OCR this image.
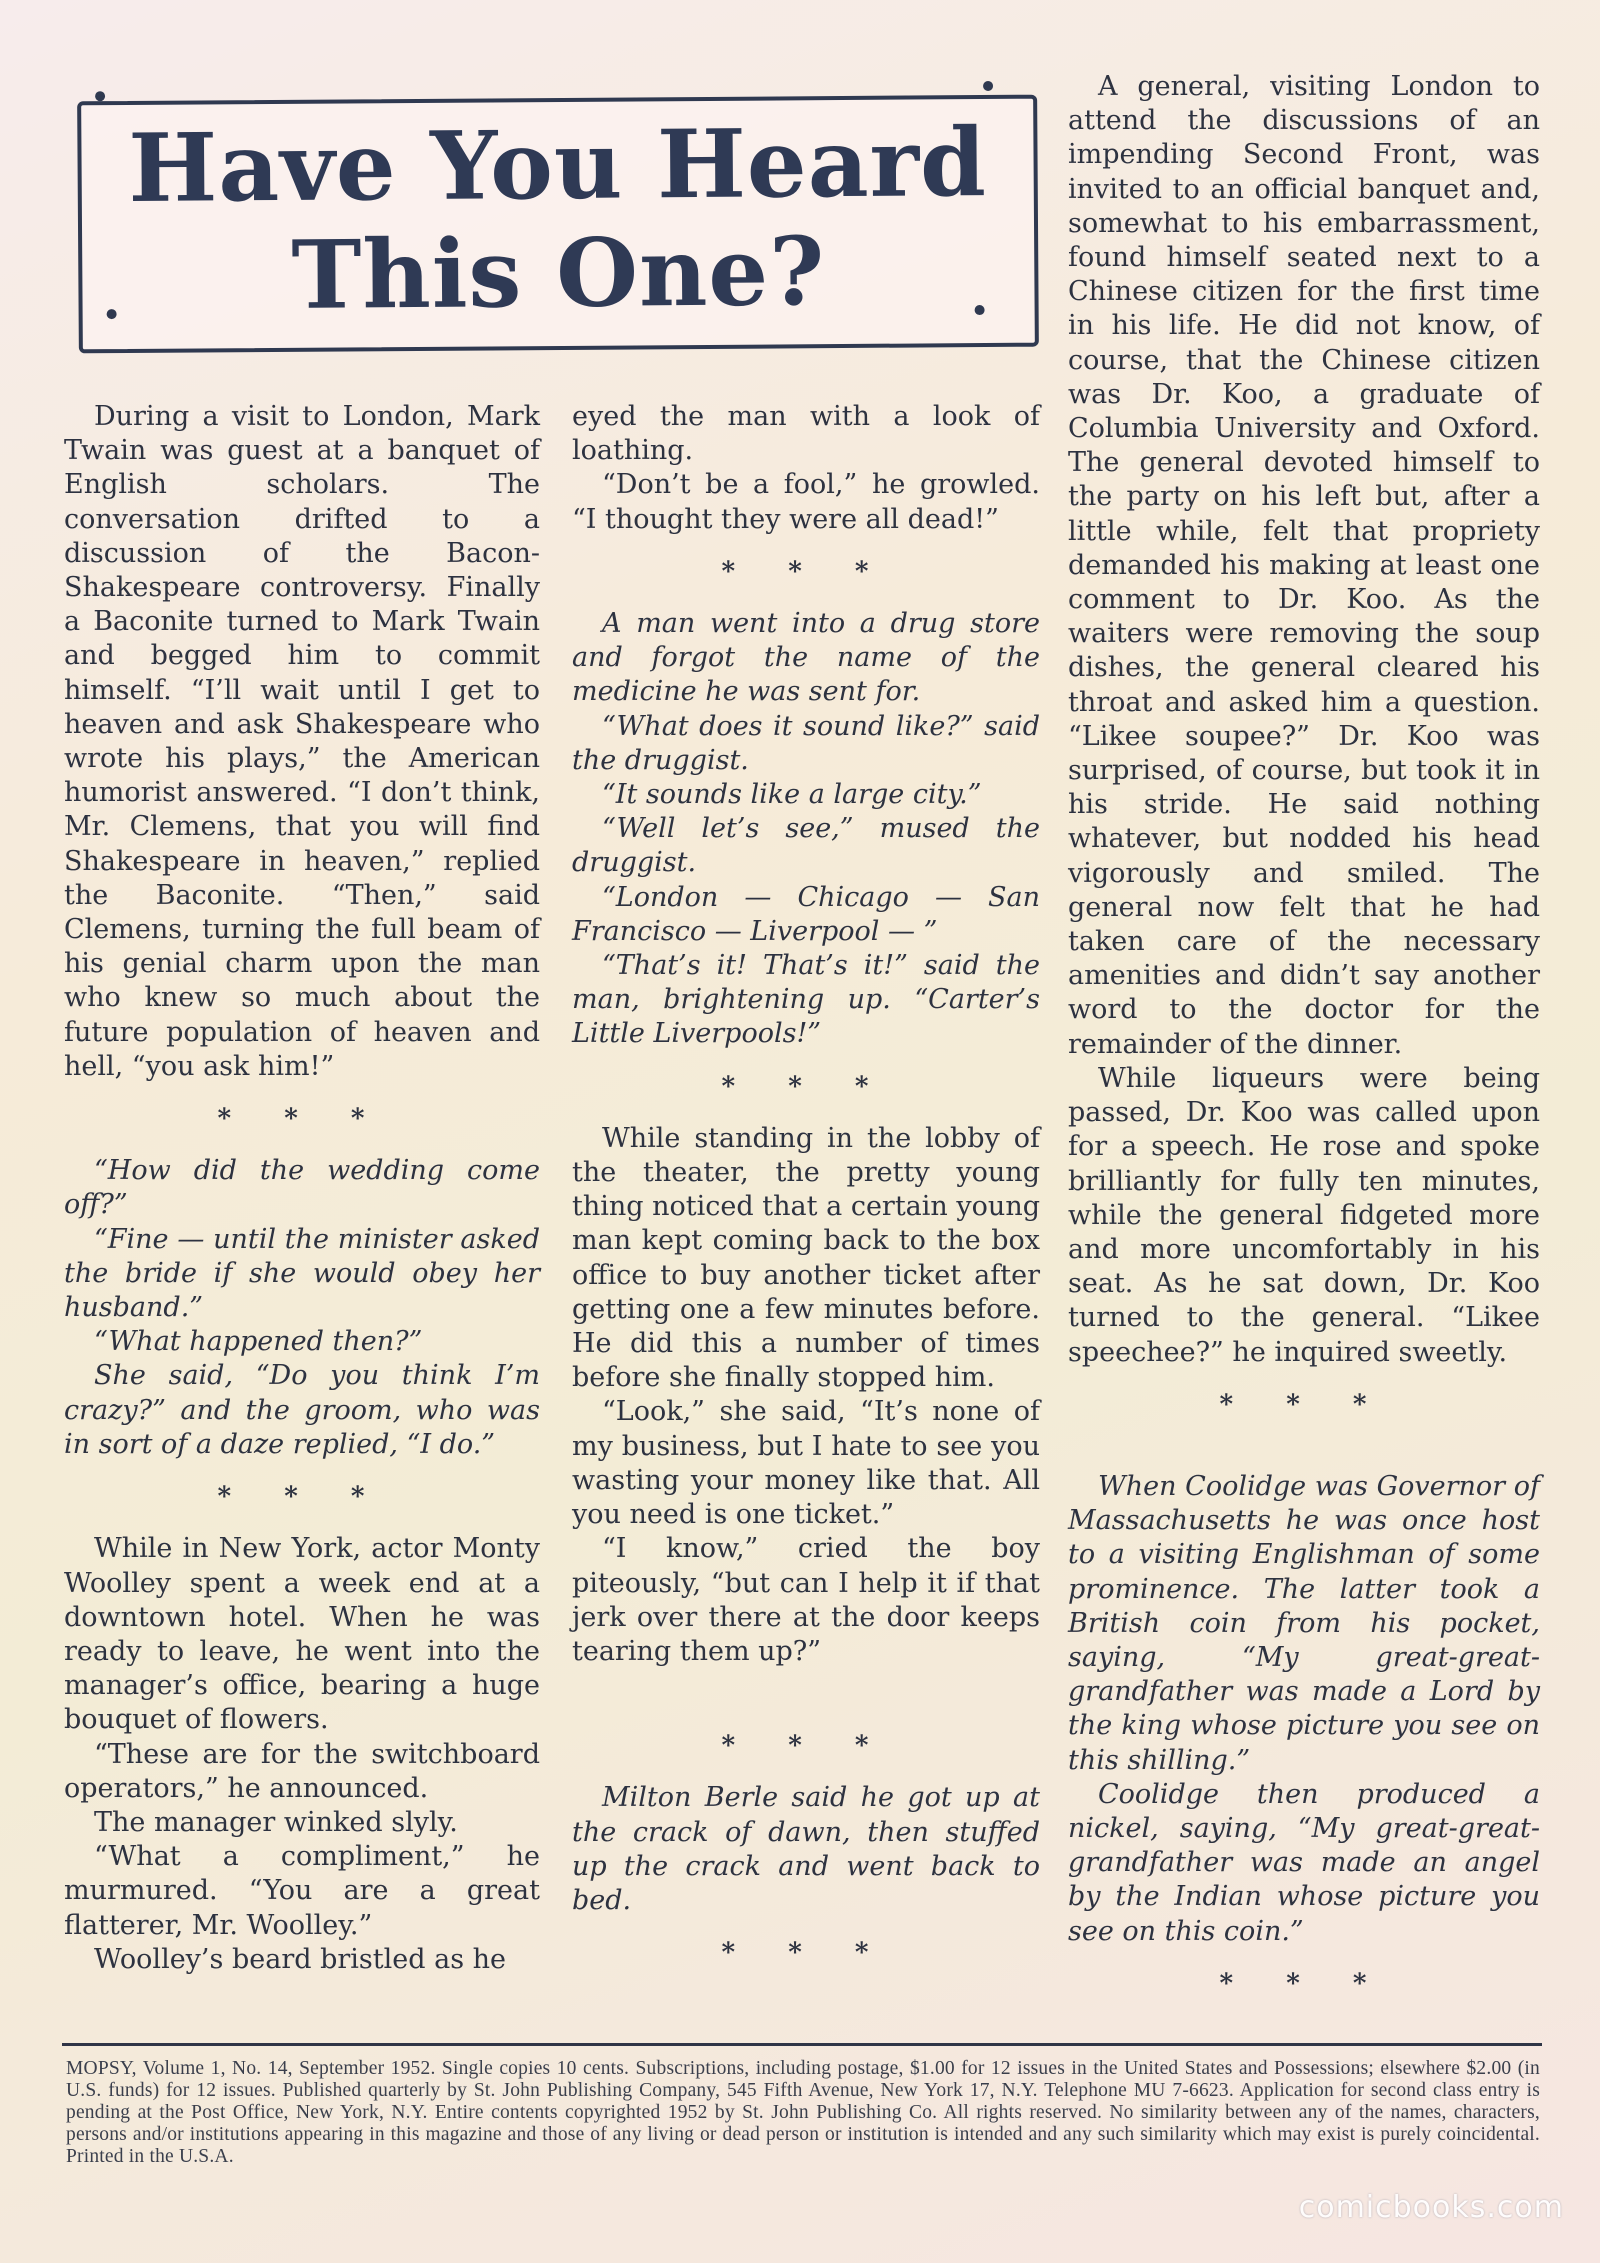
Have You Heard
This One?

During a visit to London, Mark Twain was guest at a banquet of English scholars. The conversation drifted to a discussion of the Bacon-Shakespeare controversy. Finally a Baconite turned to Mark Twain and begged him to commit himself. “I’ll wait until I get to heaven and ask Shakespeare who wrote his plays,” the American humorist answered. “I don’t think, Mr. Clemens, that you will find Shakespeare in heaven,” replied the Baconite. “Then,” said Clemens, turning the full beam of his genial charm upon the man who knew so much about the future population of heaven and hell, “you ask him!”

* * *

“How did the wedding come off?”

“Fine — until the minister asked the bride if she would obey her husband.”

“What happened then?”

She said, “Do you think I’m crazy?” and the groom, who was in sort of a daze replied, “I do.”

* * *

While in New York, actor Monty Woolley spent a week end at a downtown hotel. When he was ready to leave, he went into the manager’s office, bearing a huge bouquet of flowers.

“These are for the switchboard operators,” he announced.

The manager winked slyly.

“What a compliment,” he murmured. “You are a great flatterer, Mr. Woolley.”

Woolley’s beard bristled as he

eyed the man with a look of loathing.

“Don’t be a fool,” he growled. “I thought they were all dead!”

* * *

A man went into a drug store and forgot the name of the medicine he was sent for.

“What does it sound like?” said the druggist.

“It sounds like a large city.”

“Well let’s see,” mused the druggist.

“London — Chicago — San Francisco — Liverpool — ”

“That’s it! That’s it!” said the man, brightening up. “Carter’s Little Liverpools!”

* * *

While standing in the lobby of the theater, the pretty young thing noticed that a certain young man kept coming back to the box office to buy another ticket after getting one a few minutes before. He did this a number of times before she finally stopped him.

“Look,” she said, “It’s none of my business, but I hate to see you wasting your money like that. All you need is one ticket.”

“I know,” cried the boy piteously, “but can I help it if that jerk over there at the door keeps tearing them up?”

* * *

Milton Berle said he got up at the crack of dawn, then stuffed up the crack and went back to bed.

* * *

A general, visiting London to attend the discussions of an impending Second Front, was invited to an official banquet and, somewhat to his embarrassment, found himself seated next to a Chinese citizen for the first time in his life. He did not know, of course, that the Chinese citizen was Dr. Koo, a graduate of Columbia University and Oxford. The general devoted himself to the party on his left but, after a little while, felt that propriety demanded his making at least one comment to Dr. Koo. As the waiters were removing the soup dishes, the general cleared his throat and asked him a question. “Likee soupee?” Dr. Koo was surprised, of course, but took it in his stride. He said nothing whatever, but nodded his head vigorously and smiled. The general now felt that he had taken care of the necessary amenities and didn’t say another word to the doctor for the remainder of the dinner.

While liqueurs were being passed, Dr. Koo was called upon for a speech. He rose and spoke brilliantly for fully ten minutes, while the general fidgeted more and more uncomfortably in his seat. As he sat down, Dr. Koo turned to the general. “Likee speechee?” he inquired sweetly.

* * *

When Coolidge was Governor of Massachusetts he was once host to a visiting Englishman of some prominence. The latter took a British coin from his pocket, saying, “My great-great-grandfather was made a Lord by the king whose picture you see on this shilling.”

Coolidge then produced a nickel, saying, “My great-great-grandfather was made an angel by the Indian whose picture you see on this coin.”

* * *
MOPSY, Volume 1, No. 14, September 1952. Single copies 10 cents. Subscriptions, including postage, $1.00 for 12 issues in the United States and Possessions; elsewhere $2.00 (in U.S. funds) for 12 issues. Published quarterly by St. John Publishing Company, 545 Fifth Avenue, New York 17, N.Y. Telephone MU 7-6623. Application for second class entry is pending at the Post Office, New York, N.Y. Entire contents copyrighted 1952 by St. John Publishing Co. All rights reserved. No similarity between any of the names, characters, persons and/or institutions appearing in this magazine and those of any living or dead person or institution is intended and any such similarity which may exist is purely coincidental. Printed in the U.S.A.
comicbooks.com
